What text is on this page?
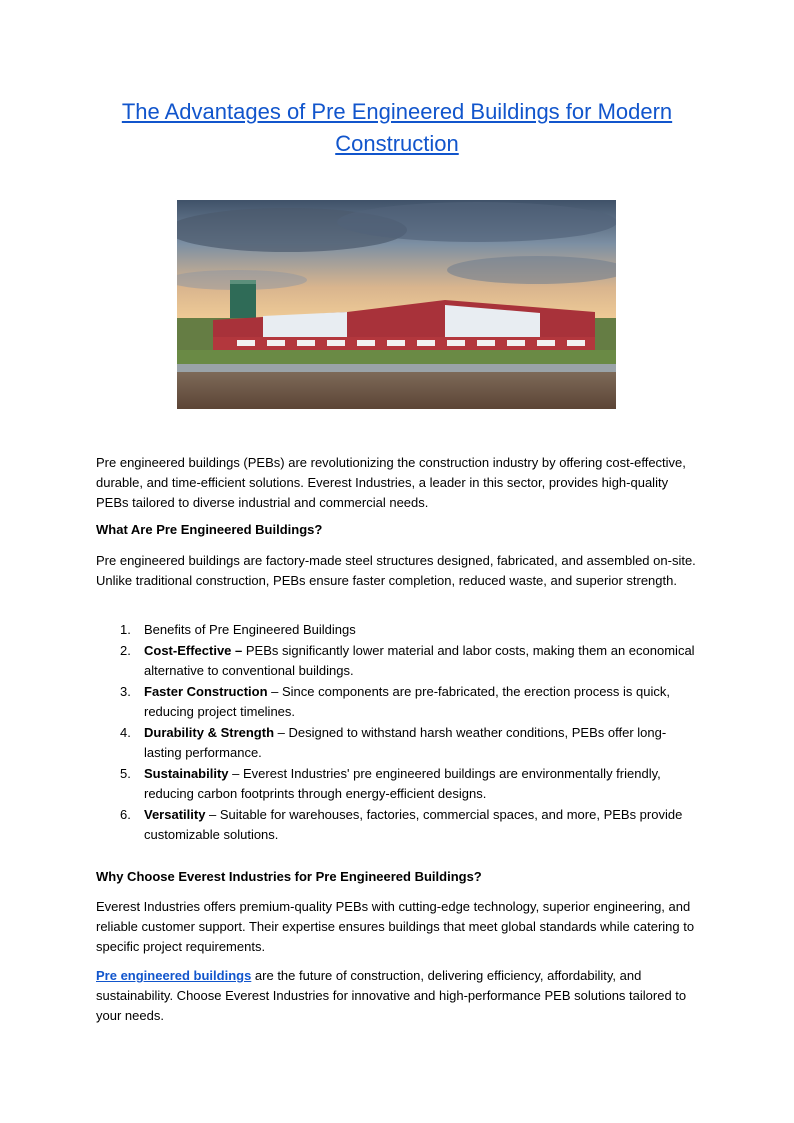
The Advantages of Pre Engineered Buildings for Modern Construction

Pre engineered buildings (PEBs) are revolutionizing the construction industry by offering cost-effective, durable, and time-efficient solutions. Everest Industries, a leader in this sector, provides high-quality PEBs tailored to diverse industrial and commercial needs.

What Are Pre Engineered Buildings?

Pre engineered buildings are factory-made steel structures designed, fabricated, and assembled on-site. Unlike traditional construction, PEBs ensure faster completion, reduced waste, and superior strength.

1.	Benefits of Pre Engineered Buildings
2.	Cost-Effective – PEBs significantly lower material and labor costs, making them an economical alternative to conventional buildings.
3.	Faster Construction – Since components are pre-fabricated, the erection process is quick, reducing project timelines.
4.	Durability & Strength – Designed to withstand harsh weather conditions, PEBs offer long-lasting performance.
5.	Sustainability – Everest Industries' pre engineered buildings are environmentally friendly, reducing carbon footprints through energy-efficient designs.
6.	Versatility – Suitable for warehouses, factories, commercial spaces, and more, PEBs provide customizable solutions.

Why Choose Everest Industries for Pre Engineered Buildings?

Everest Industries offers premium-quality PEBs with cutting-edge technology, superior engineering, and reliable customer support. Their expertise ensures buildings that meet global standards while catering to specific project requirements.

Pre engineered buildings are the future of construction, delivering efficiency, affordability, and sustainability. Choose Everest Industries for innovative and high-performance PEB solutions tailored to your needs.
